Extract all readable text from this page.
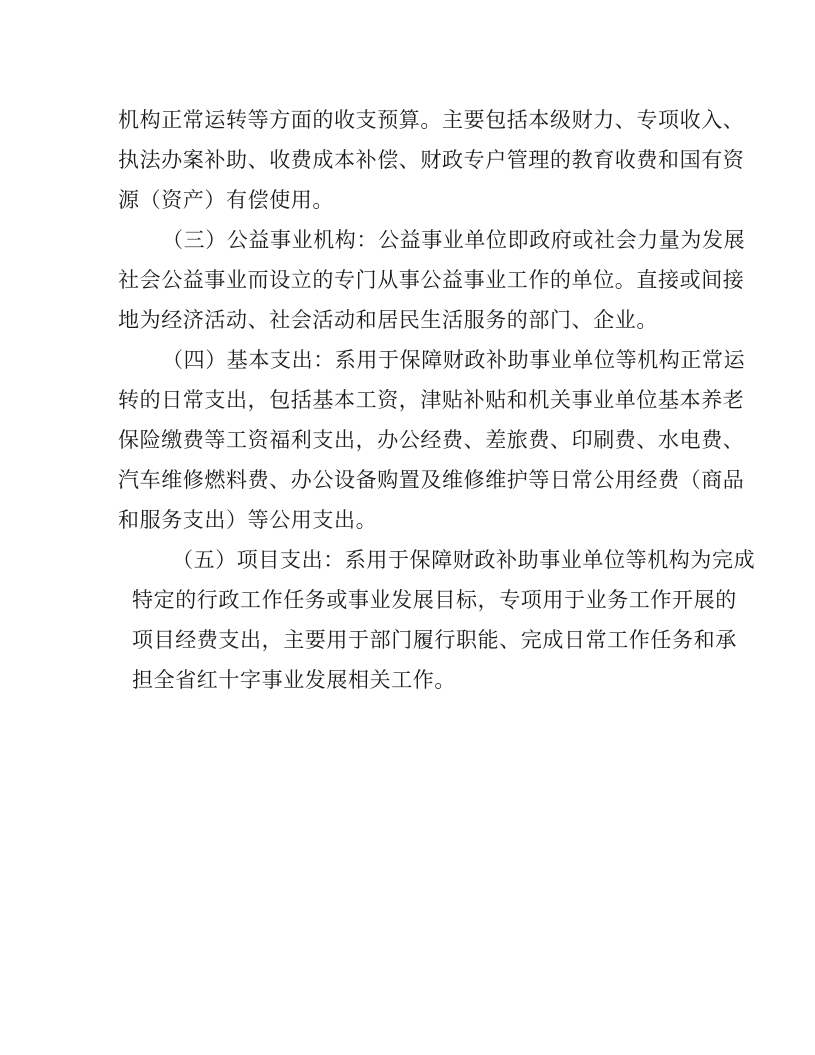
机构正常运转等方面的收支预算。主要包括本级财力、专项收入、
执法办案补助、收费成本补偿、财政专户管理的教育收费和国有资
源（资产）有偿使用。
（三）公益事业机构：公益事业单位即政府或社会力量为发展
社会公益事业而设立的专门从事公益事业工作的单位。直接或间接
地为经济活动、社会活动和居民生活服务的部门、企业。
（四）基本支出：系用于保障财政补助事业单位等机构正常运
转的日常支出，包括基本工资，津贴补贴和机关事业单位基本养老
保险缴费等工资福利支出，办公经费、差旅费、印刷费、水电费、
汽车维修燃料费、办公设备购置及维修维护等日常公用经费（商品
和服务支出）等公用支出。
（五）项目支出：系用于保障财政补助事业单位等机构为完成
特定的行政工作任务或事业发展目标，专项用于业务工作开展的
项目经费支出，主要用于部门履行职能、完成日常工作任务和承
担全省红十字事业发展相关工作。
